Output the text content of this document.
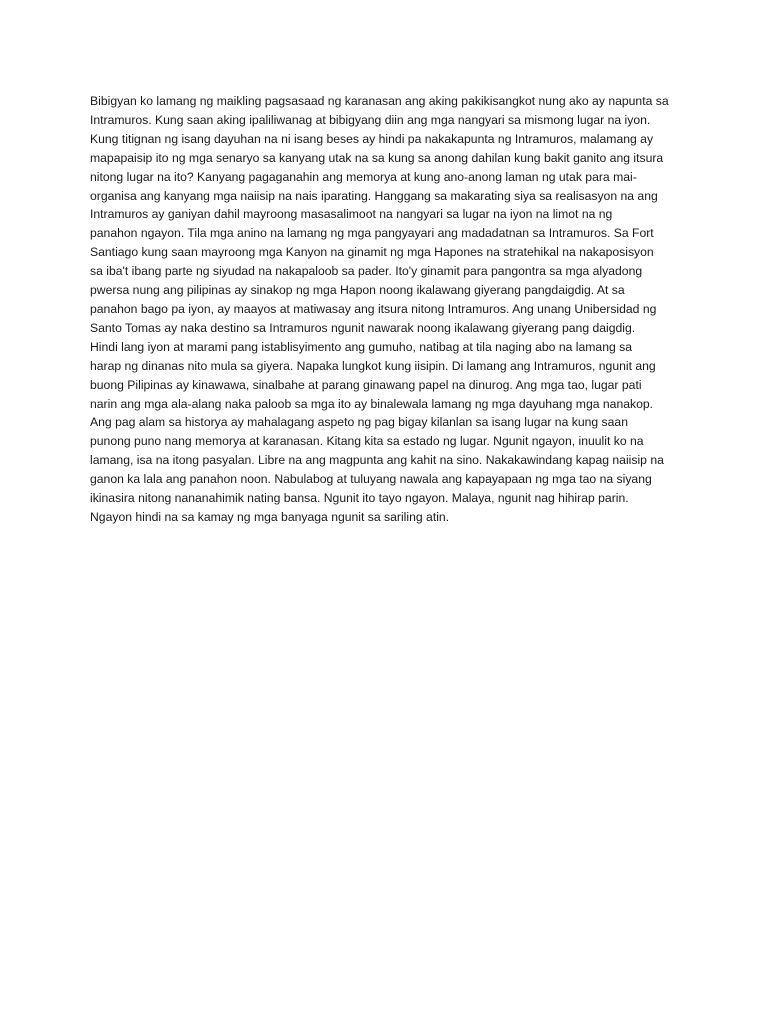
Bibigyan ko lamang ng maikling pagsasaad ng karanasan ang aking pakikisangkot nung ako ay napunta sa
Intramuros. Kung saan aking ipaliliwanag at bibigyang diin ang mga nangyari sa mismong lugar na iyon.
Kung titignan ng isang dayuhan na ni isang beses ay hindi pa nakakapunta ng Intramuros, malamang ay
mapapaisip ito ng mga senaryo sa kanyang utak na sa kung sa anong dahilan kung bakit ganito ang itsura
nitong lugar na ito? Kanyang pagaganahin ang memorya at kung ano-anong laman ng utak para mai-
organisa ang kanyang mga naiisip na nais iparating. Hanggang sa makarating siya sa realisasyon na ang
Intramuros ay ganiyan dahil mayroong masasalimoot na nangyari sa lugar na iyon na limot na ng
panahon ngayon. Tila mga anino na lamang ng mga pangyayari ang madadatnan sa Intramuros. Sa Fort
Santiago kung saan mayroong mga Kanyon na ginamit ng mga Hapones na stratehikal na nakaposisyon
sa iba't ibang parte ng siyudad na nakapaloob sa pader. Ito'y ginamit para pangontra sa mga alyadong
pwersa nung ang pilipinas ay sinakop ng mga Hapon noong ikalawang giyerang pangdaigdig. At sa
panahon bago pa iyon, ay maayos at matiwasay ang itsura nitong Intramuros. Ang unang Unibersidad ng
Santo Tomas ay naka destino sa Intramuros ngunit nawarak noong ikalawang giyerang pang daigdig.
Hindi lang iyon at marami pang istablisyimento ang gumuho, natibag at tila naging abo na lamang sa
harap ng dinanas nito mula sa giyera. Napaka lungkot kung iisipin. Di lamang ang Intramuros, ngunit ang
buong Pilipinas ay kinawawa, sinalbahe at parang ginawang papel na dinurog. Ang mga tao, lugar pati
narin ang mga ala-alang naka paloob sa mga ito ay binalewala lamang ng mga dayuhang mga nanakop.
Ang pag alam sa historya ay mahalagang aspeto ng pag bigay kilanlan sa isang lugar na kung saan
punong puno nang memorya at karanasan. Kitang kita sa estado ng lugar. Ngunit ngayon, inuulit ko na
lamang, isa na itong pasyalan. Libre na ang magpunta ang kahit na sino. Nakakawindang kapag naiisip na
ganon ka lala ang panahon noon. Nabulabog at tuluyang nawala ang kapayapaan ng mga tao na siyang
ikinasira nitong nananahimik nating bansa. Ngunit ito tayo ngayon. Malaya, ngunit nag hihirap parin.
Ngayon hindi na sa kamay ng mga banyaga ngunit sa sariling atin.
